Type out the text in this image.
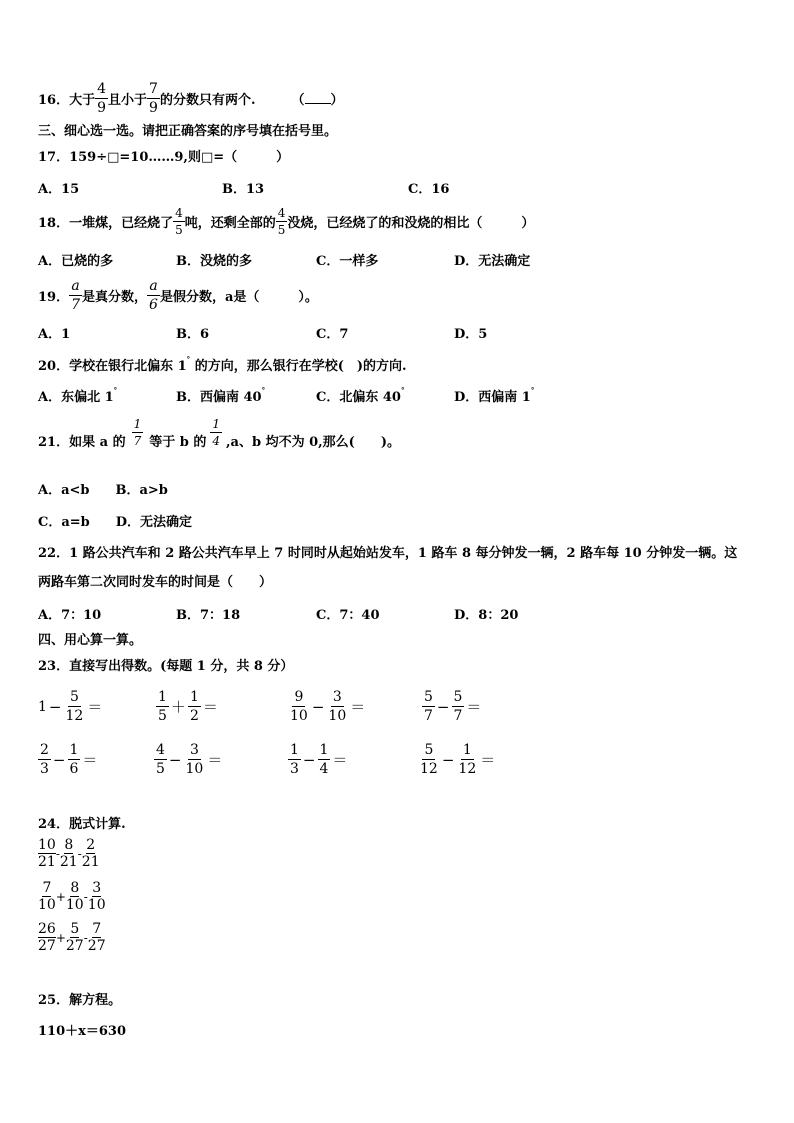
16． 大于 $\frac{4}{9}$ 且小于 $\frac{7}{9}$ 的分数只有两个.	（ ）
三、细心选一选。请把正确答案的序号填在括号里。
17．159÷□=10……9,则□=（　　　）
A．15	B．13	C．16
18．一堆煤，已经烧了 $\frac{4}{5}$ 吨，还剩全部的 $\frac{4}{5}$ 没烧，已经烧了的和没烧的相比（　　　）
A．已烧的多	B．没烧的多	C．一样多	D．无法确定
19． $\frac{a}{7}$ 是真分数， $\frac{a}{6}$ 是假分数，a是（　　　）。
A．1	B．6	C．7	D．5
20．学校在银行北偏东 1° 的方向，那么银行在学校(　)的方向.
A．东偏北 1°	B．西偏南 40°	C．北偏东 40°	D．西偏南 1°
21．如果 a 的 $\frac{1}{7}$ 等于 b 的 $\frac{1}{4} ,a$、b 均不为 0,那么(　　)。
A．a<b　　B．a>b
C．a=b　　D．无法确定
22．1 路公共汽车和 2 路公共汽车早上 7 时同时从起始站发车，1 路车 8 每分钟发一辆，2 路车每 10 分钟发一辆。这
两路车第二次同时发车的时间是（　　）
A．7：10	B．7：18	C．7：40	D．8：20
四、用心算一算。
23．直接写出得数。(每题 1 分，共 8 分）
$1 - \frac{5}{12}$ ＝	$\frac{1}{5} + \frac{1}{2}$ ＝	$\frac{9}{10} - \frac{3}{10}$ ＝	$\frac{5}{7} - \frac{5}{7}$ ＝
$\frac{2}{3} - \frac{1}{6}$ ＝	$\frac{4}{5} - \frac{3}{10}$ ＝	$\frac{1}{3} - \frac{1}{4}$ ＝	$\frac{5}{12} - \frac{1}{12}$ ＝
24．脱式计算.
$\frac{10}{21} - \frac{8}{21} - \frac{2}{21}$
$\frac{7}{10} + \frac{8}{10} - \frac{3}{10}$
$\frac{26}{27} + \frac{5}{27} - \frac{7}{27}$
25．解方程。
110＋x＝630
